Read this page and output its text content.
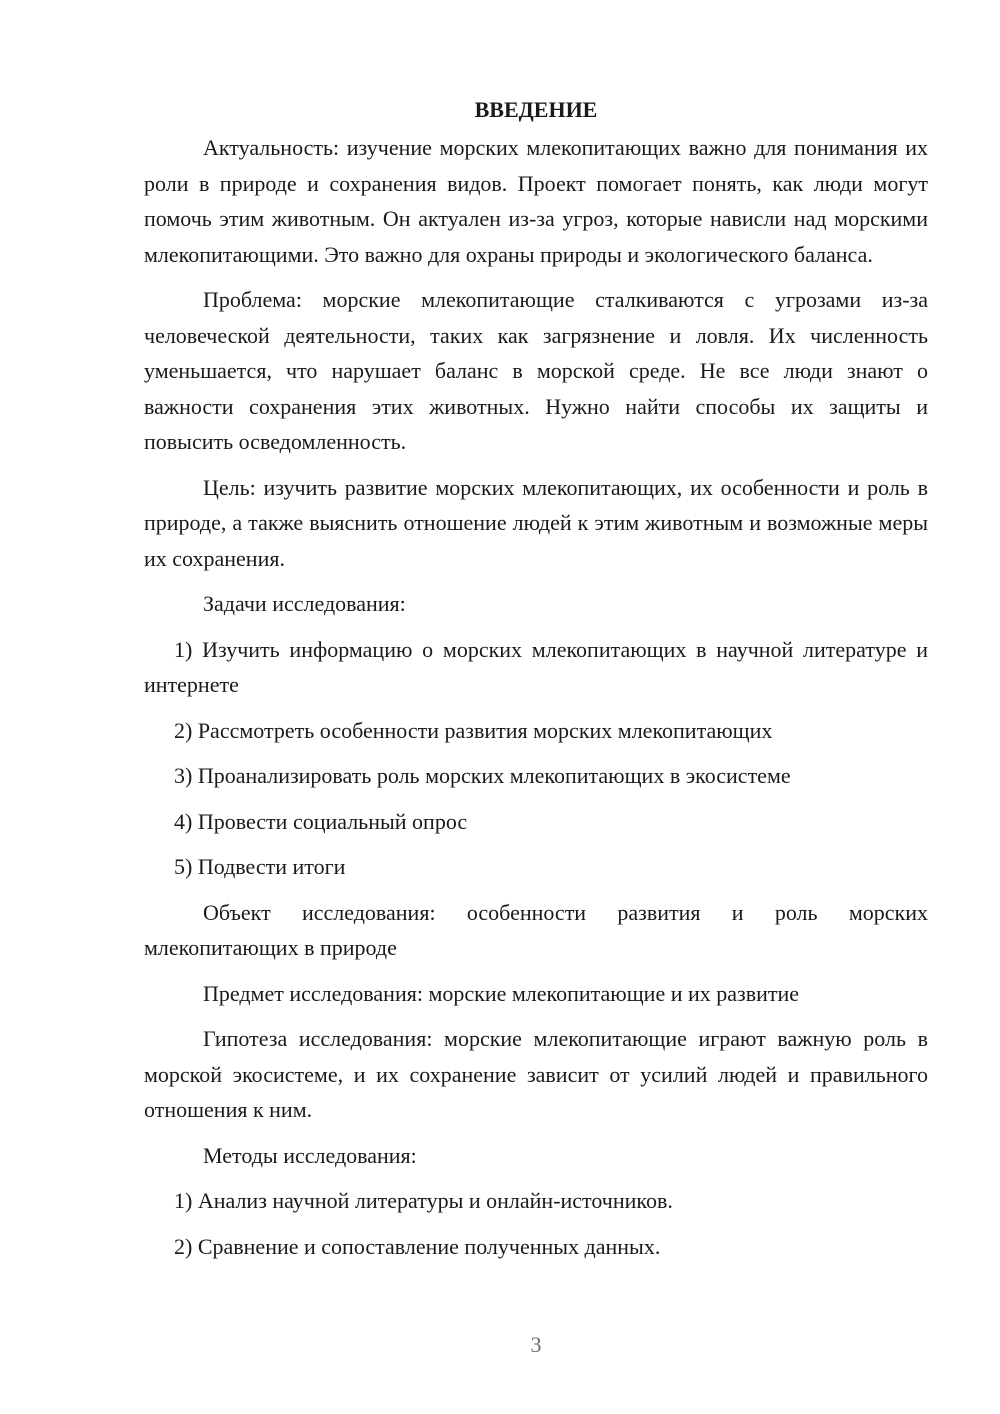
ВВЕДЕНИЕ

Актуальность: изучение морских млекопитающих важно для понимания их роли в природе и сохранения видов. Проект помогает понять, как люди могут помочь этим животным. Он актуален из-за угроз, которые нависли над морскими млекопитающими. Это важно для охраны природы и экологического баланса.

Проблема: морские млекопитающие сталкиваются с угрозами из-за человеческой деятельности, таких как загрязнение и ловля. Их численность уменьшается, что нарушает баланс в морской среде. Не все люди знают о важности сохранения этих животных. Нужно найти способы их защиты и повысить осведомленность.

Цель: изучить развитие морских млекопитающих, их особенности и роль в природе, а также выяснить отношение людей к этим животным и возможные меры их сохранения.

Задачи исследования:

1) Изучить информацию о морских млекопитающих в научной литературе и интернете

2) Рассмотреть особенности развития морских млекопитающих

3) Проанализировать роль морских млекопитающих в экосистеме

4) Провести социальный опрос

5) Подвести итоги

Объект исследования: особенности развития и роль морских млекопитающих в природе

Предмет исследования: морские млекопитающие и их развитие

Гипотеза исследования: морские млекопитающие играют важную роль в морской экосистеме, и их сохранение зависит от усилий людей и правильного отношения к ним.

Методы исследования:

1) Анализ научной литературы и онлайн-источников.

2) Сравнение и сопоставление полученных данных.

3
